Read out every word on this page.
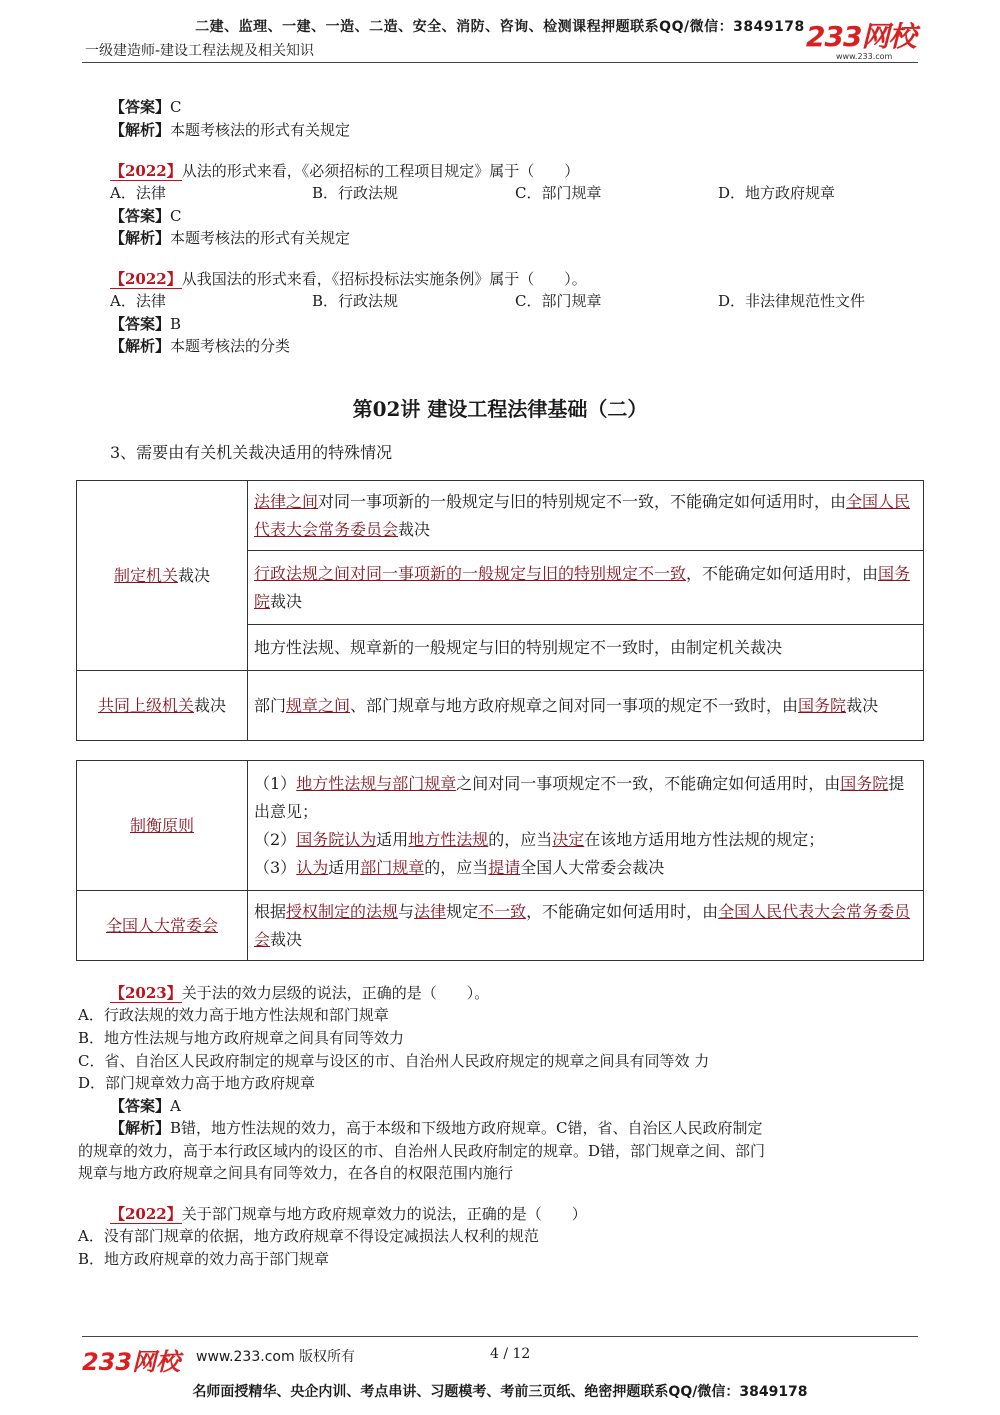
二建、监理、一建、一造、二造、安全、消防、咨询、检测课程押题联系QQ/微信：3849178
一级建造师-建设工程法规及相关知识	233网校
www.233.com
【答案】C
【解析】本题考核法的形式有关规定
【2022】从法的形式来看，《必须招标的工程项目规定》属于（　　）
A．法律	B．行政法规	C．部门规章	D．地方政府规章
【答案】C
【解析】本题考核法的形式有关规定
【2022】从我国法的形式来看，《招标投标法实施条例》属于（　　）。
A．法律	B．行政法规	C．部门规章	D．非法律规范性文件
【答案】B
【解析】本题考核法的分类
第02讲 建设工程法律基础（二）
3、需要由有关机关裁决适用的特殊情况
制定机关裁决	法律之间对同一事项新的一般规定与旧的特别规定不一致，不能确定如何适用时，由全国人民代表大会常务委员会裁决
	行政法规之间对同一事项新的一般规定与旧的特别规定不一致，不能确定如何适用时，由国务院裁决
	地方性法规、规章新的一般规定与旧的特别规定不一致时，由制定机关裁决
共同上级机关裁决	部门规章之间、部门规章与地方政府规章之间对同一事项的规定不一致时，由国务院裁决
制衡原则	（1）地方性法规与部门规章之间对同一事项规定不一致，不能确定如何适用时，由国务院提出意见；
（2）国务院认为适用地方性法规的，应当决定在该地方适用地方性法规的规定；
（3）认为适用部门规章的，应当提请全国人大常委会裁决

全国人大常委会	根据授权制定的法规与法律规定不一致，不能确定如何适用时，由全国人民代表大会常务委员会裁决
【2023】关于法的效力层级的说法，正确的是（　　）。
A．行政法规的效力高于地方性法规和部门规章
B．地方性法规与地方政府规章之间具有同等效力
C．省、自治区人民政府制定的规章与设区的市、自治州人民政府规定的规章之间具有同等效 力
D．部门规章效力高于地方政府规章
【答案】A
【解析】B错，地方性法规的效力，高于本级和下级地方政府规章。C错，省、自治区人民政府制定
的规章的效力，高于本行政区域内的设区的市、自治州人民政府制定的规章。D错，部门规章之间、部门
规章与地方政府规章之间具有同等效力，在各自的权限范围内施行
【2022】关于部门规章与地方政府规章效力的说法，正确的是（　　）
A．没有部门规章的依据，地方政府规章不得设定减损法人权利的规范
B．地方政府规章的效力高于部门规章
233网校 www.233.com 版权所有	4 / 12
名师面授精华、央企内训、考点串讲、习题模考、考前三页纸、绝密押题联系QQ/微信：3849178
